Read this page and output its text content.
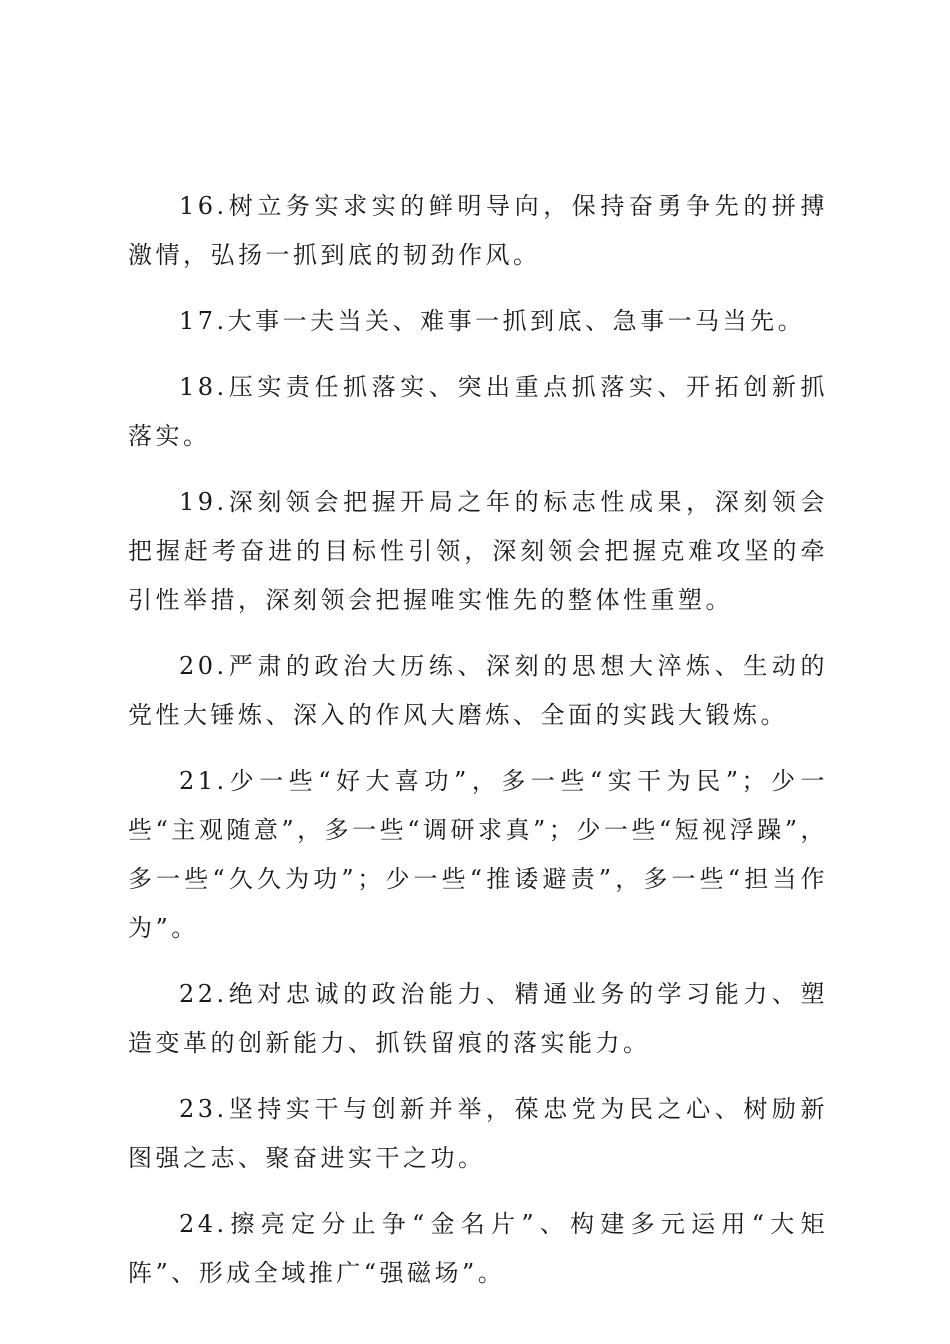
16.树立务实求实的鲜明导向，保持奋勇争先的拼搏激情，弘扬一抓到底的韧劲作风。

17.大事一夫当关、难事一抓到底、急事一马当先。

18.压实责任抓落实、突出重点抓落实、开拓创新抓落实。

19.深刻领会把握开局之年的标志性成果，深刻领会把握赶考奋进的目标性引领，深刻领会把握克难攻坚的牵引性举措，深刻领会把握唯实惟先的整体性重塑。

20.严肃的政治大历练、深刻的思想大淬炼、生动的党性大锤炼、深入的作风大磨炼、全面的实践大锻炼。

21.少一些“好大喜功”，多一些“实干为民”；少一些“主观随意”，多一些“调研求真”；少一些“短视浮躁”，多一些“久久为功”；少一些“推诿避责”，多一些“担当作为”。

22.绝对忠诚的政治能力、精通业务的学习能力、塑造变革的创新能力、抓铁留痕的落实能力。

23.坚持实干与创新并举，葆忠党为民之心、树励新图强之志、聚奋进实干之功。

24.擦亮定分止争“金名片”、构建多元运用“大矩阵”、形成全域推广“强磁场”。
